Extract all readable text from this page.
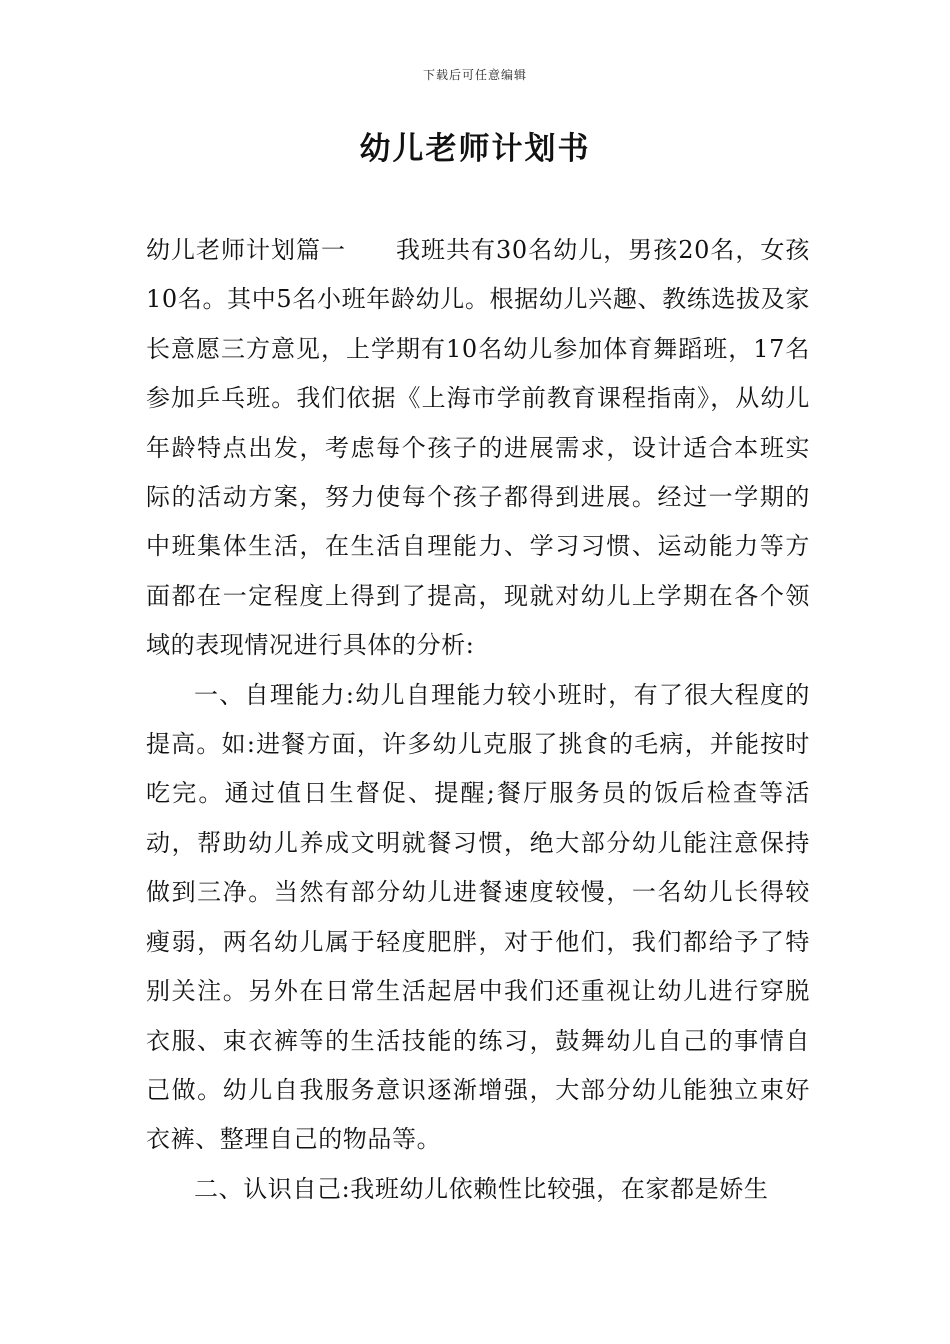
下载后可任意编辑
幼儿老师计划书

幼儿老师计划篇一　　我班共有30名幼儿，男孩20名，女孩10名。其中5名小班年龄幼儿。根据幼儿兴趣、教练选拔及家长意愿三方意见，上学期有10名幼儿参加体育舞蹈班，17名参加乒乓班。我们依据《上海市学前教育课程指南》，从幼儿年龄特点出发，考虑每个孩子的进展需求，设计适合本班实际的活动方案，努力使每个孩子都得到进展。经过一学期的中班集体生活，在生活自理能力、学习习惯、运动能力等方面都在一定程度上得到了提高，现就对幼儿上学期在各个领域的表现情况进行具体的分析:

一、自理能力:幼儿自理能力较小班时，有了很大程度的提高。如:进餐方面，许多幼儿克服了挑食的毛病，并能按时吃完。通过值日生督促、提醒;餐厅服务员的饭后检查等活动，帮助幼儿养成文明就餐习惯，绝大部分幼儿能注意保持做到三净。当然有部分幼儿进餐速度较慢，一名幼儿长得较瘦弱，两名幼儿属于轻度肥胖，对于他们，我们都给予了特别关注。另外在日常生活起居中我们还重视让幼儿进行穿脱衣服、束衣裤等的生活技能的练习，鼓舞幼儿自己的事情自己做。幼儿自我服务意识逐渐增强，大部分幼儿能独立束好衣裤、整理自己的物品等。

二、认识自己:我班幼儿依赖性比较强，在家都是娇生
